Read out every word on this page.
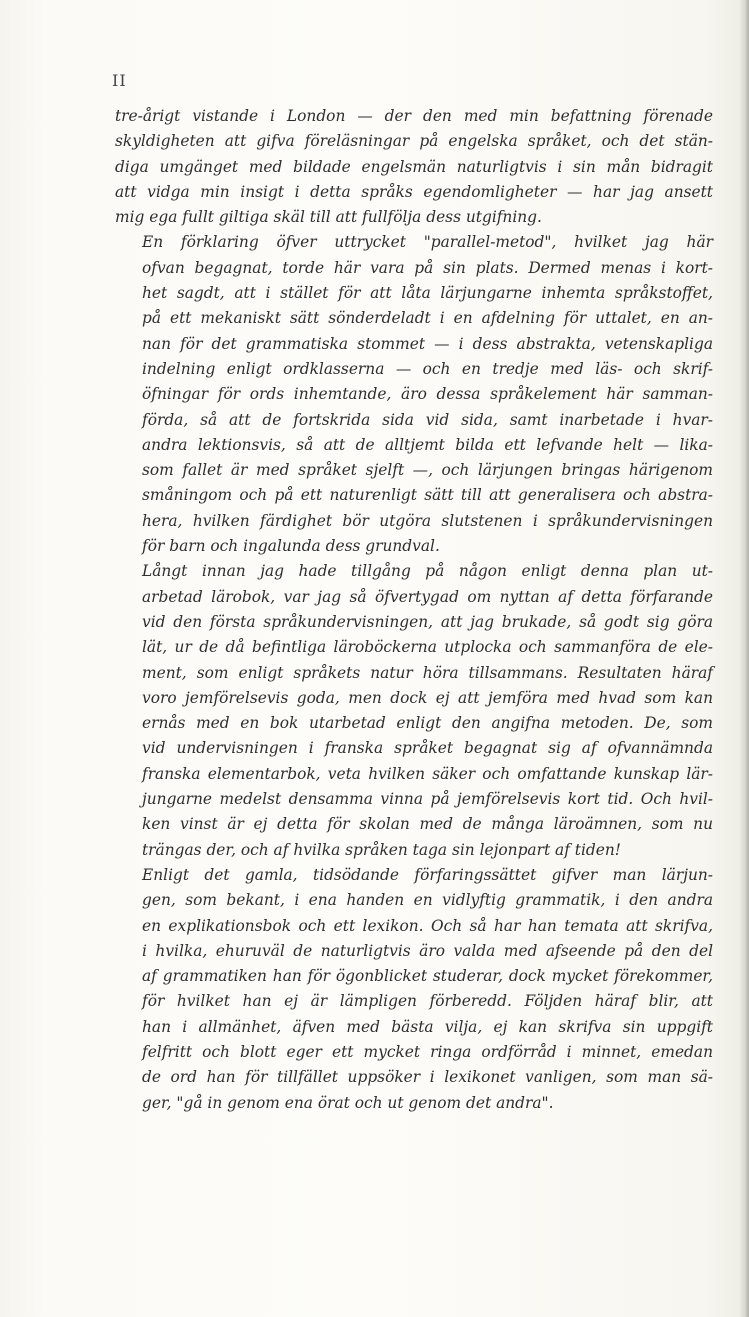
II

tre-årigt vistande i London — der den med min befattning förenade
skyldigheten att gifva föreläsningar på engelska språket, och det stän-
diga umgänget med bildade engelsmän naturligtvis i sin mån bidragit
att vidga min insigt i detta språks egendomligheter — har jag ansett
mig ega fullt giltiga skäl till att fullfölja dess utgifning.

En förklaring öfver uttrycket "parallel-metod", hvilket jag här
ofvan begagnat, torde här vara på sin plats. Dermed menas i kort-
het sagdt, att i stället för att låta lärjungarne inhemta språkstoffet,
på ett mekaniskt sätt sönderdeladt i en afdelning för uttalet, en an-
nan för det grammatiska stommet — i dess abstrakta, vetenskapliga
indelning enligt ordklasserna — och en tredje med läs- och skrif-
öfningar för ords inhemtande, äro dessa språkelement här samman-
förda, så att de fortskrida sida vid sida, samt inarbetade i hvar-
andra lektionsvis, så att de alltjemt bilda ett lefvande helt — lika-
som fallet är med språket sjelft —, och lärjungen bringas härigenom
småningom och på ett naturenligt sätt till att generalisera och abstra-
hera, hvilken färdighet bör utgöra slutstenen i språkundervisningen
för barn och ingalunda dess grundval.

Långt innan jag hade tillgång på någon enligt denna plan ut-
arbetad lärobok, var jag så öfvertygad om nyttan af detta förfarande
vid den första språkundervisningen, att jag brukade, så godt sig göra
lät, ur de då befintliga läroböckerna utplocka och sammanföra de ele-
ment, som enligt språkets natur höra tillsammans. Resultaten häraf
voro jemförelsevis goda, men dock ej att jemföra med hvad som kan
ernås med en bok utarbetad enligt den angifna metoden. De, som
vid undervisningen i franska språket begagnat sig af ofvannämnda
franska elementarbok, veta hvilken säker och omfattande kunskap lär-
jungarne medelst densamma vinna på jemförelsevis kort tid. Och hvil-
ken vinst är ej detta för skolan med de många läroämnen, som nu
trängas der, och af hvilka språken taga sin lejonpart af tiden!

Enligt det gamla, tidsödande förfaringssättet gifver man lärjun-
gen, som bekant, i ena handen en vidlyftig grammatik, i den andra
en explikationsbok och ett lexikon. Och så har han temata att skrifva,
i hvilka, ehuruväl de naturligtvis äro valda med afseende på den del
af grammatiken han för ögonblicket studerar, dock mycket förekommer,
för hvilket han ej är lämpligen förberedd. Följden häraf blir, att
han i allmänhet, äfven med bästa vilja, ej kan skrifva sin uppgift
felfritt och blott eger ett mycket ringa ordförråd i minnet, emedan
de ord han för tillfället uppsöker i lexikonet vanligen, som man sä-
ger, "gå in genom ena örat och ut genom det andra".
